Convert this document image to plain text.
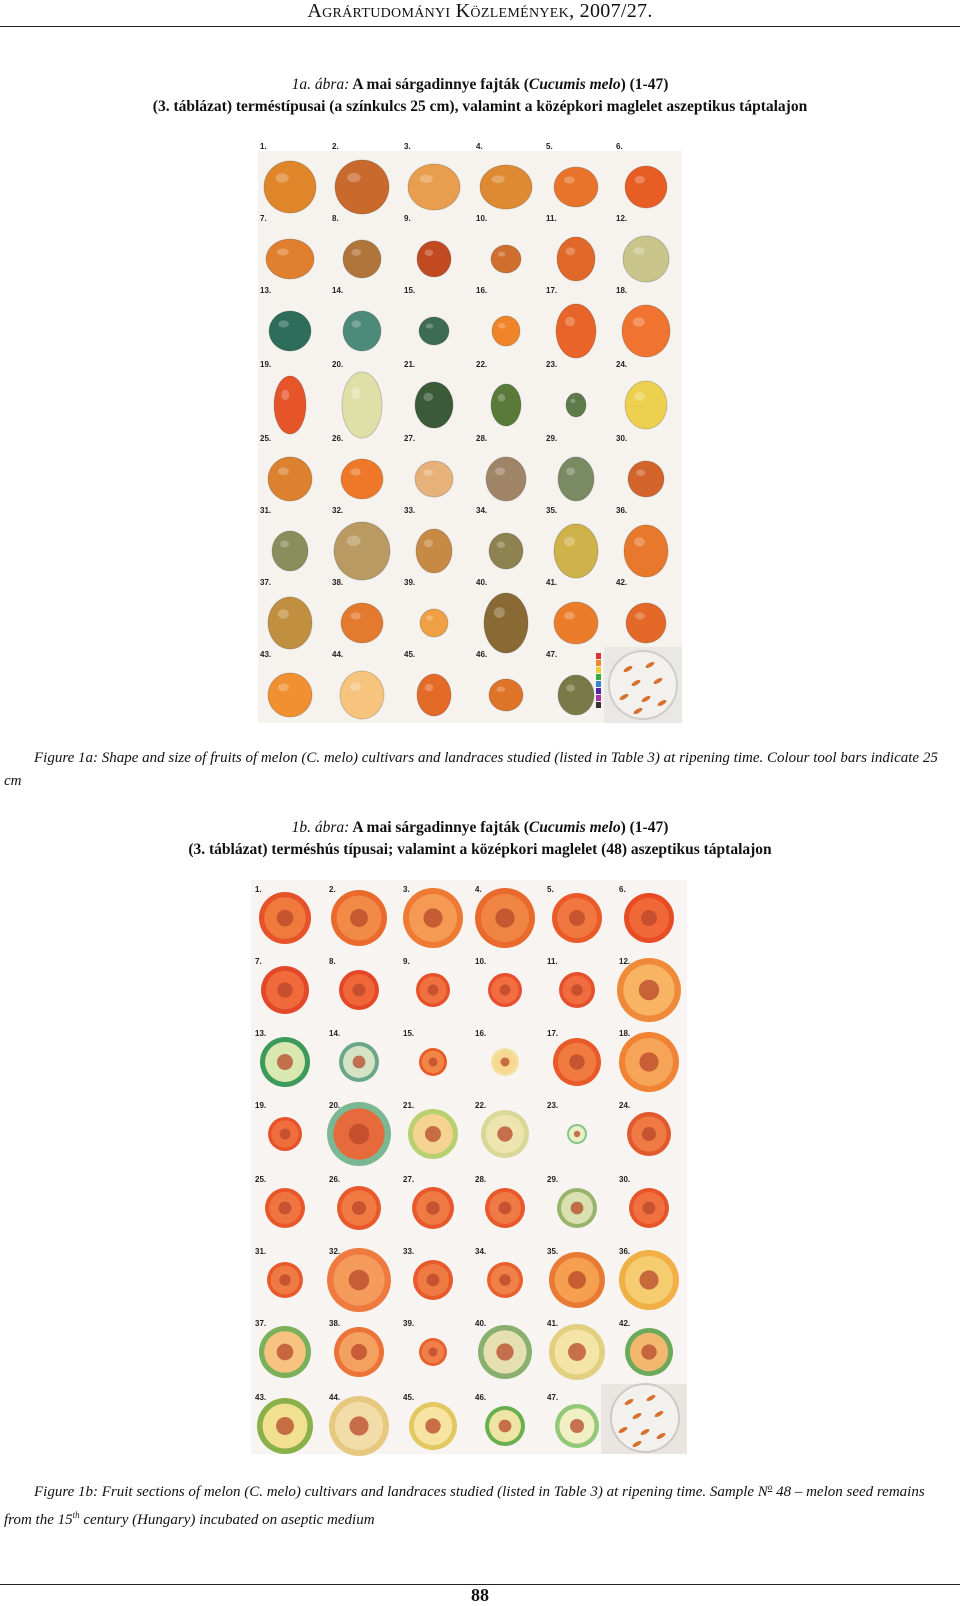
Agrártudományi Közlemények, 2007/27.
1a. ábra: A mai sárgadinnye fajták (Cucumis melo) (1-47)
(3. táblázat) terméstípusai (a színkulcs 25 cm), valamint a középkori maglelet aszeptikus táptalajon
1.	2.	3.	4.	5.	6.
7.	8.	9.	10.	11.	12.
13.	14.	15.	16.	17.	18.
19.	20.	21.	22.	23.	24.
25.	26.	27.	28.	29.	30.
31.	32.	33.	34.	35.	36.
37.	38.	39.	40.	41.	42.
43.	44.	45.	46.	47.
Figure 1a: Shape and size of fruits of melon (C. melo) cultivars and landraces studied (listed in Table 3) at ripening time. Colour tool bars indicate 25 cm
1b. ábra: A mai sárgadinnye fajták (Cucumis melo) (1-47)
(3. táblázat) terméshús típusai; valamint a középkori maglelet (48) aszeptikus táptalajon
1.	2.	3.	4.	5.	6.
7.	8.	9.	10.	11.	12.
13.	14.	15.	16.	17.	18.
19.	20.	21.	22.	23.	24.
25.	26.	27.	28.	29.	30.
31.	32.	33.	34.	35.	36.
37.	38.	39.	40.	41.	42.
43.	44.	45.	46.	47.
Figure 1b: Fruit sections of melon (C. melo) cultivars and landraces studied (listed in Table 3) at ripening time. Sample $N^o$ 48 – melon seed remains from the 15th century (Hungary) incubated on aseptic medium
88
